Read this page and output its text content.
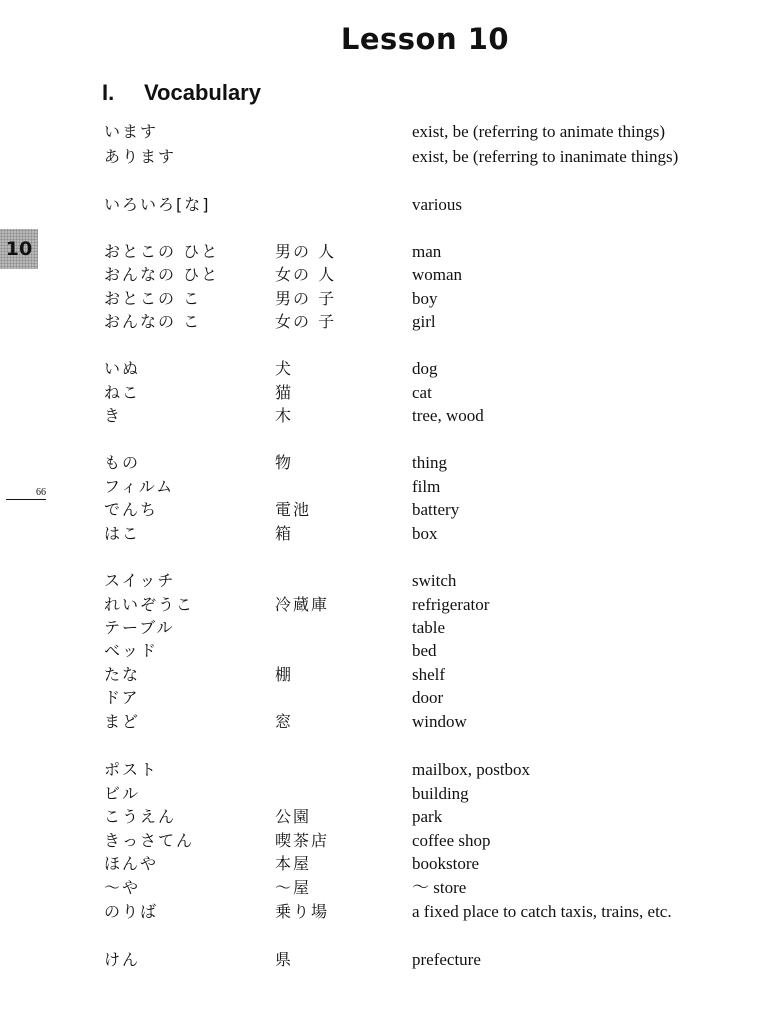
Lesson 10
I. Vocabulary
10
66
います	exist, be (referring to animate things)
あります	exist, be (referring to inanimate things)
いろいろ[な]	various
おとこの ひと	男の 人	man
おんなの ひと	女の 人	woman
おとこの こ	男の 子	boy
おんなの こ	女の 子	girl
いぬ	犬	dog
ねこ	猫	cat
き	木	tree, wood
もの	物	thing
フィルム	film
でんち	電池	battery
はこ	箱	box
スイッチ	switch
れいぞうこ	冷蔵庫	refrigerator
テーブル	table
ベッド	bed
たな	棚	shelf
ドア	door
まど	窓	window
ポスト	mailbox, postbox
ビル	building
こうえん	公園	park
きっさてん	喫茶店	coffee shop
ほんや	本屋	bookstore
～や	～屋	～ store
のりば	乗り場	a fixed place to catch taxis, trains, etc.
けん	県	prefecture
